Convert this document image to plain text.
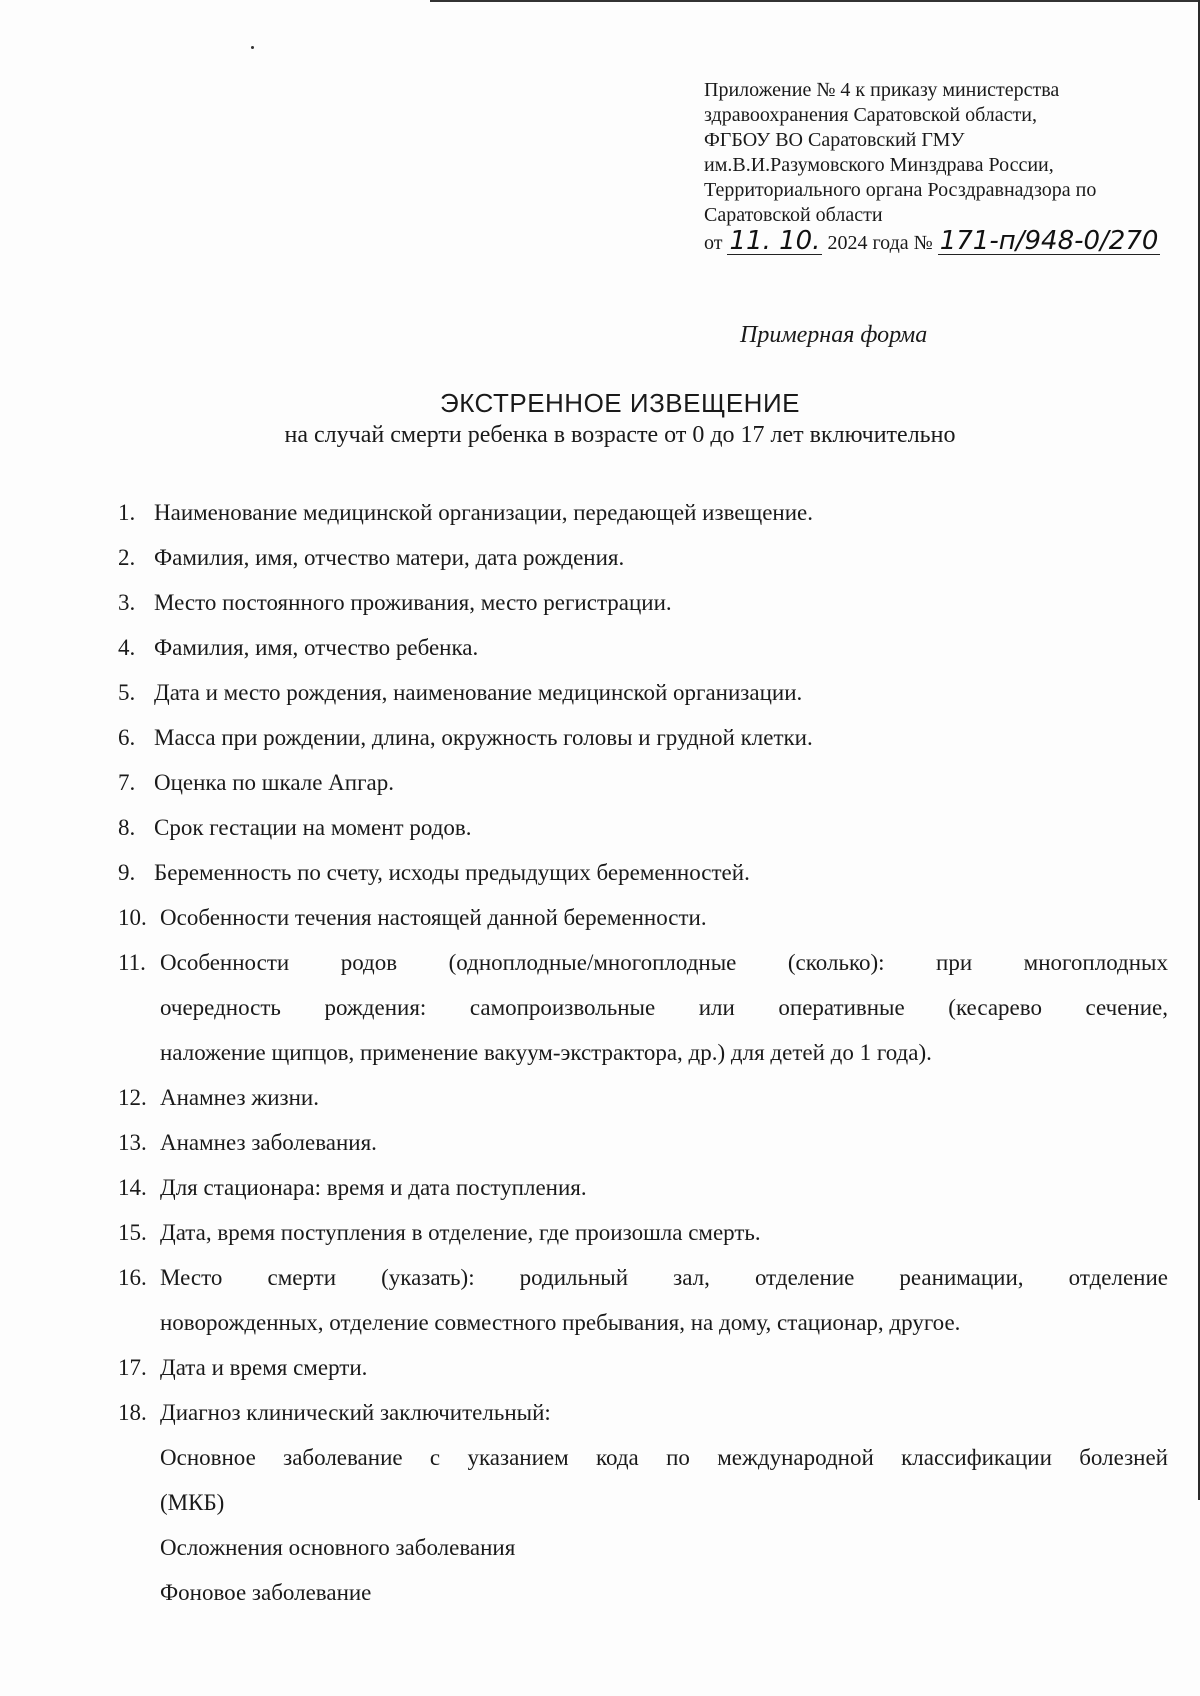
Приложение № 4 к приказу министерства
здравоохранения Саратовской области,
ФГБОУ ВО Саратовский ГМУ
им.В.И.Разумовского Минздрава России,
Территориального органа Росздравнадзора по
Саратовской области
от 11. 10. 2024 года № 171-п/948-0/270
Примерная форма
ЭКСТРЕННОЕ ИЗВЕЩЕНИЕ
на случай смерти ребенка в возрасте от 0 до 17 лет включительно
1. Наименование медицинской организации, передающей извещение.
2. Фамилия, имя, отчество матери, дата рождения.
3. Место постоянного проживания, место регистрации.
4. Фамилия, имя, отчество ребенка.
5. Дата и место рождения, наименование медицинской организации.
6. Масса при рождении, длина, окружность головы и грудной клетки.
7. Оценка по шкале Апгар.
8. Срок гестации на момент родов.
9. Беременность по счету, исходы предыдущих беременностей.
10. Особенности течения настоящей данной беременности.
11. Особенности родов (одноплодные/многоплодные (сколько): при многоплодных
очередность рождения: самопроизвольные или оперативные (кесарево сечение,
наложение щипцов, применение вакуум-экстрактора, др.) для детей до 1 года).
12. Анамнез жизни.
13. Анамнез заболевания.
14. Для стационара: время и дата поступления.
15. Дата, время поступления в отделение, где произошла смерть.
16. Место смерти (указать): родильный зал, отделение реанимации, отделение
новорожденных, отделение совместного пребывания, на дому, стационар, другое.
17. Дата и время смерти.
18. Диагноз клинический заключительный:
Основное заболевание с указанием кода по международной классификации болезней
(МКБ)
Осложнения основного заболевания
Фоновое заболевание
